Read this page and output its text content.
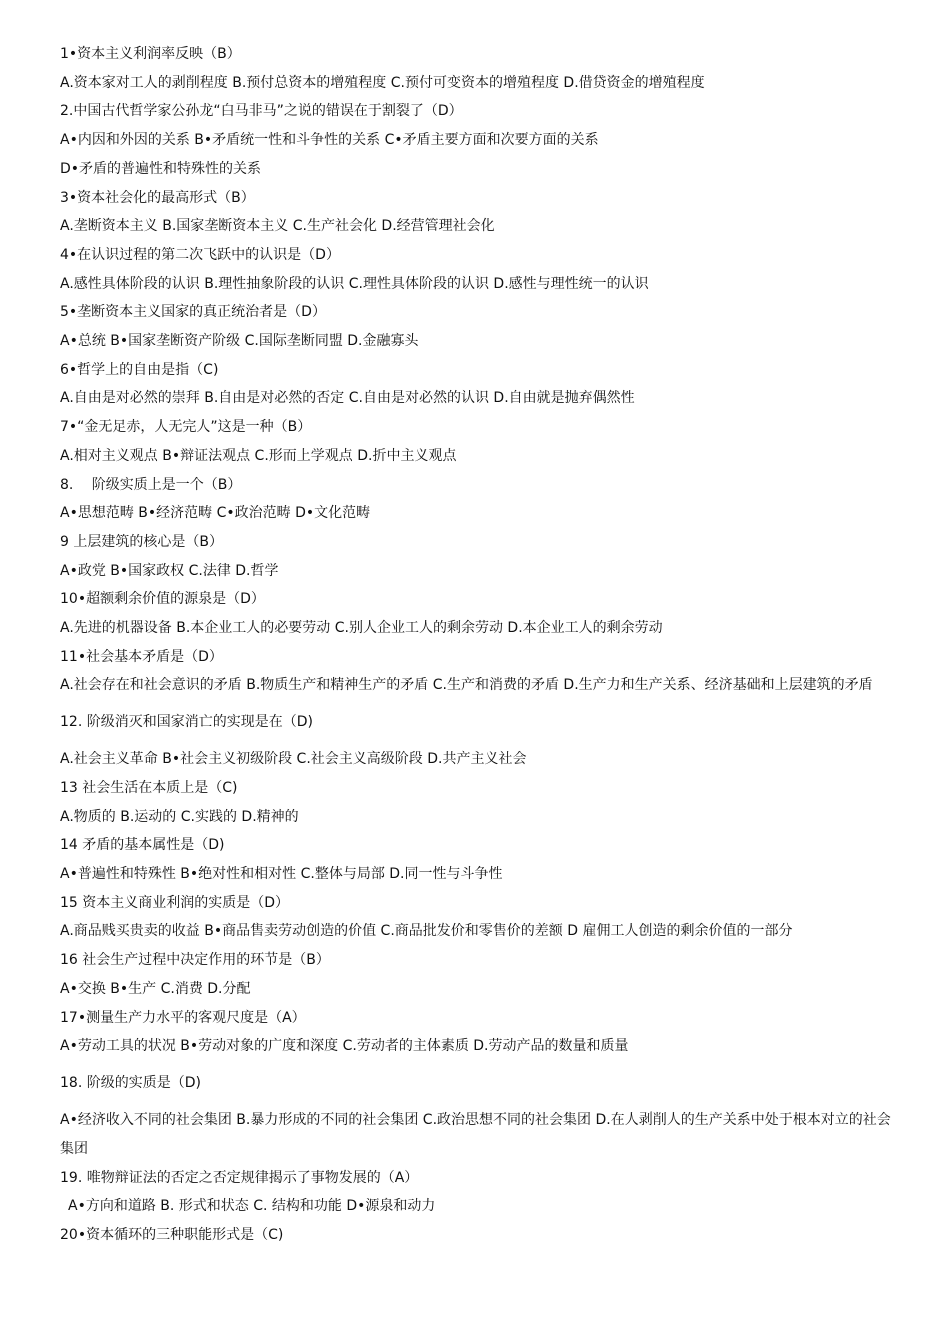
1•资本主义利润率反映（B）
A.资本家对工人的剥削程度 B.预付总资本的增殖程度 C.预付可变资本的增殖程度 D.借贷资金的增殖程度
2.中国古代哲学家公孙龙“白马非马”之说的错误在于割裂了（D）
A•内因和外因的关系 B•矛盾统一性和斗争性的关系 C•矛盾主要方面和次要方面的关系
D•矛盾的普遍性和特殊性的关系
3•资本社会化的最高形式（B）
A.垄断资本主义 B.国家垄断资本主义 C.生产社会化 D.经营管理社会化
4•在认识过程的第二次飞跃中的认识是（D）
A.感性具体阶段的认识 B.理性抽象阶段的认识 C.理性具体阶段的认识 D.感性与理性统一的认识
5•垄断资本主义国家的真正统治者是（D）
A•总统 B•国家垄断资产阶级 C.国际垄断同盟 D.金融寡头
6•哲学上的自由是指（C)
A.自由是对必然的崇拜 B.自由是对必然的否定 C.自由是对必然的认识 D.自由就是抛弃偶然性
7•“金无足赤，人无完人”这是一种（B）
A.相对主义观点 B•辩证法观点 C.形而上学观点 D.折中主义观点
8.　 阶级实质上是一个（B）
A•思想范畴 B•经济范畴 C•政治范畴 D•文化范畴
9 上层建筑的核心是（B）
A•政党 B•国家政权 C.法律 D.哲学
10•超额剩余价值的源泉是（D）
A.先进的机器设备 B.本企业工人的必要劳动 C.别人企业工人的剩余劳动 D.本企业工人的剩余劳动
11•社会基本矛盾是（D）
A.社会存在和社会意识的矛盾 B.物质生产和精神生产的矛盾 C.生产和消费的矛盾 D.生产力和生产关系、经济基础和上层建筑的矛盾
12. 阶级消灭和国家消亡的实现是在（D)
A.社会主义革命 B•社会主义初级阶段 C.社会主义高级阶段 D.共产主义社会
13 社会生活在本质上是（C)
A.物质的 B.运动的 C.实践的 D.精神的
14 矛盾的基本属性是（D)
A•普遍性和特殊性 B•绝对性和相对性 C.整体与局部 D.同一性与斗争性
15 资本主义商业利润的实质是（D）
A.商品贱买贵卖的收益 B•商品售卖劳动创造的价值 C.商品批发价和零售价的差额 D 雇佣工人创造的剩余价值的一部分
16 社会生产过程中决定作用的环节是（B）
A•交换 B•生产 C.消费 D.分配
17•测量生产力水平的客观尺度是（A）
A•劳动工具的状况 B•劳动对象的广度和深度 C.劳动者的主体素质 D.劳动产品的数量和质量
18. 阶级的实质是（D)
A•经济收入不同的社会集团 B.暴力形成的不同的社会集团 C.政治思想不同的社会集团 D.在人剥削人的生产关系中处于根本对立的社会集团
19. 唯物辩证法的否定之否定规律揭示了事物发展的（A）
A•方向和道路 B. 形式和状态 C. 结构和功能 D•源泉和动力
20•资本循环的三种职能形式是（C)
